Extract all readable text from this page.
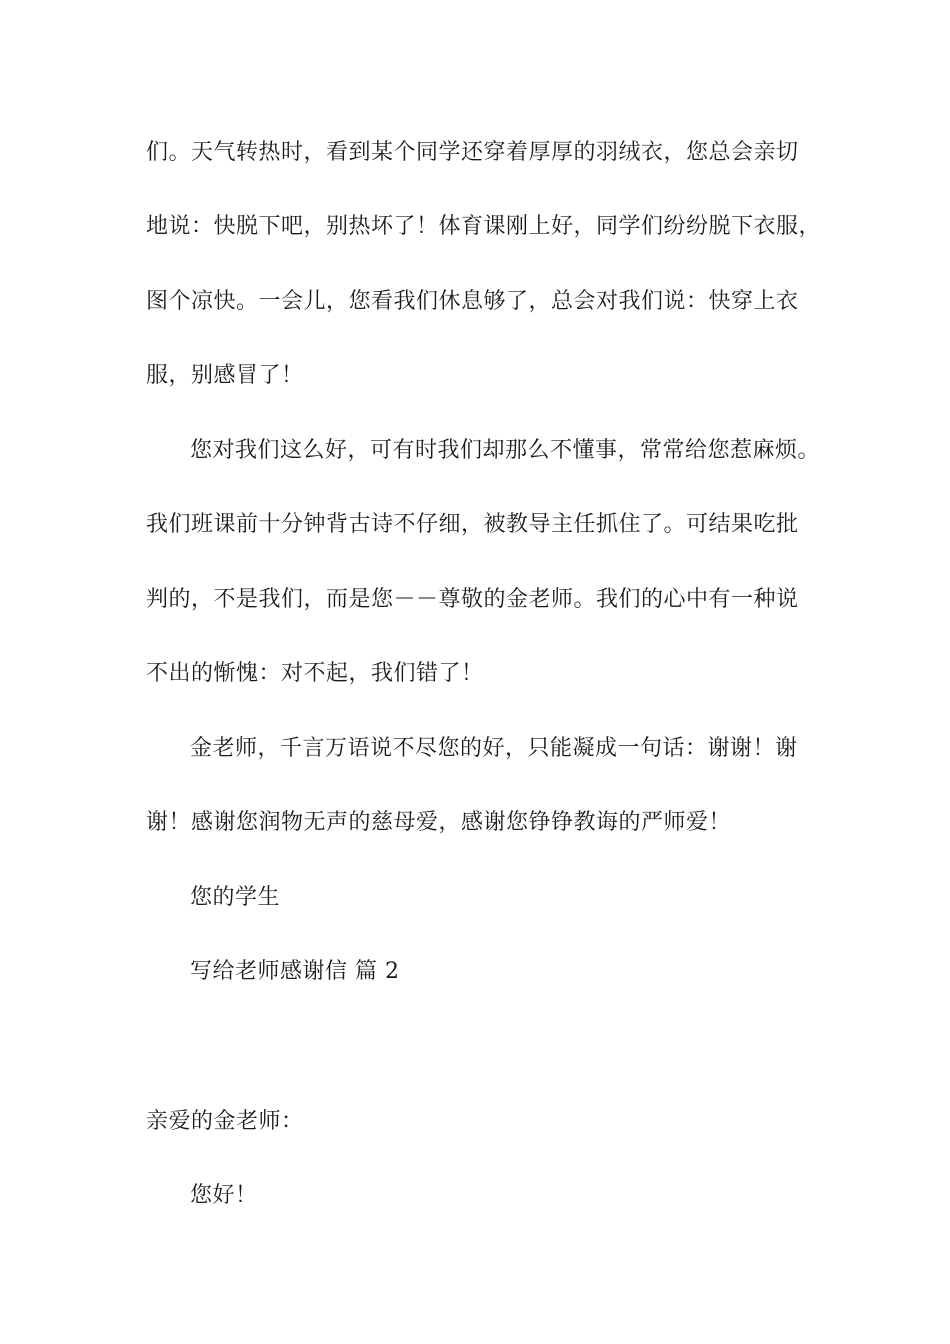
们。天气转热时，看到某个同学还穿着厚厚的羽绒衣，您总会亲切
地说：快脱下吧，别热坏了！体育课刚上好，同学们纷纷脱下衣服，
图个凉快。一会儿，您看我们休息够了，总会对我们说：快穿上衣
服，别感冒了！
您对我们这么好，可有时我们却那么不懂事，常常给您惹麻烦。
我们班课前十分钟背古诗不仔细，被教导主任抓住了。可结果吃批
判的，不是我们，而是您－－尊敬的金老师。我们的心中有一种说
不出的惭愧：对不起，我们错了！
金老师，千言万语说不尽您的好，只能凝成一句话：谢谢！谢
谢！感谢您润物无声的慈母爱，感谢您铮铮教诲的严师爱！
您的学生
写给老师感谢信 篇 2
亲爱的金老师：
您好！
